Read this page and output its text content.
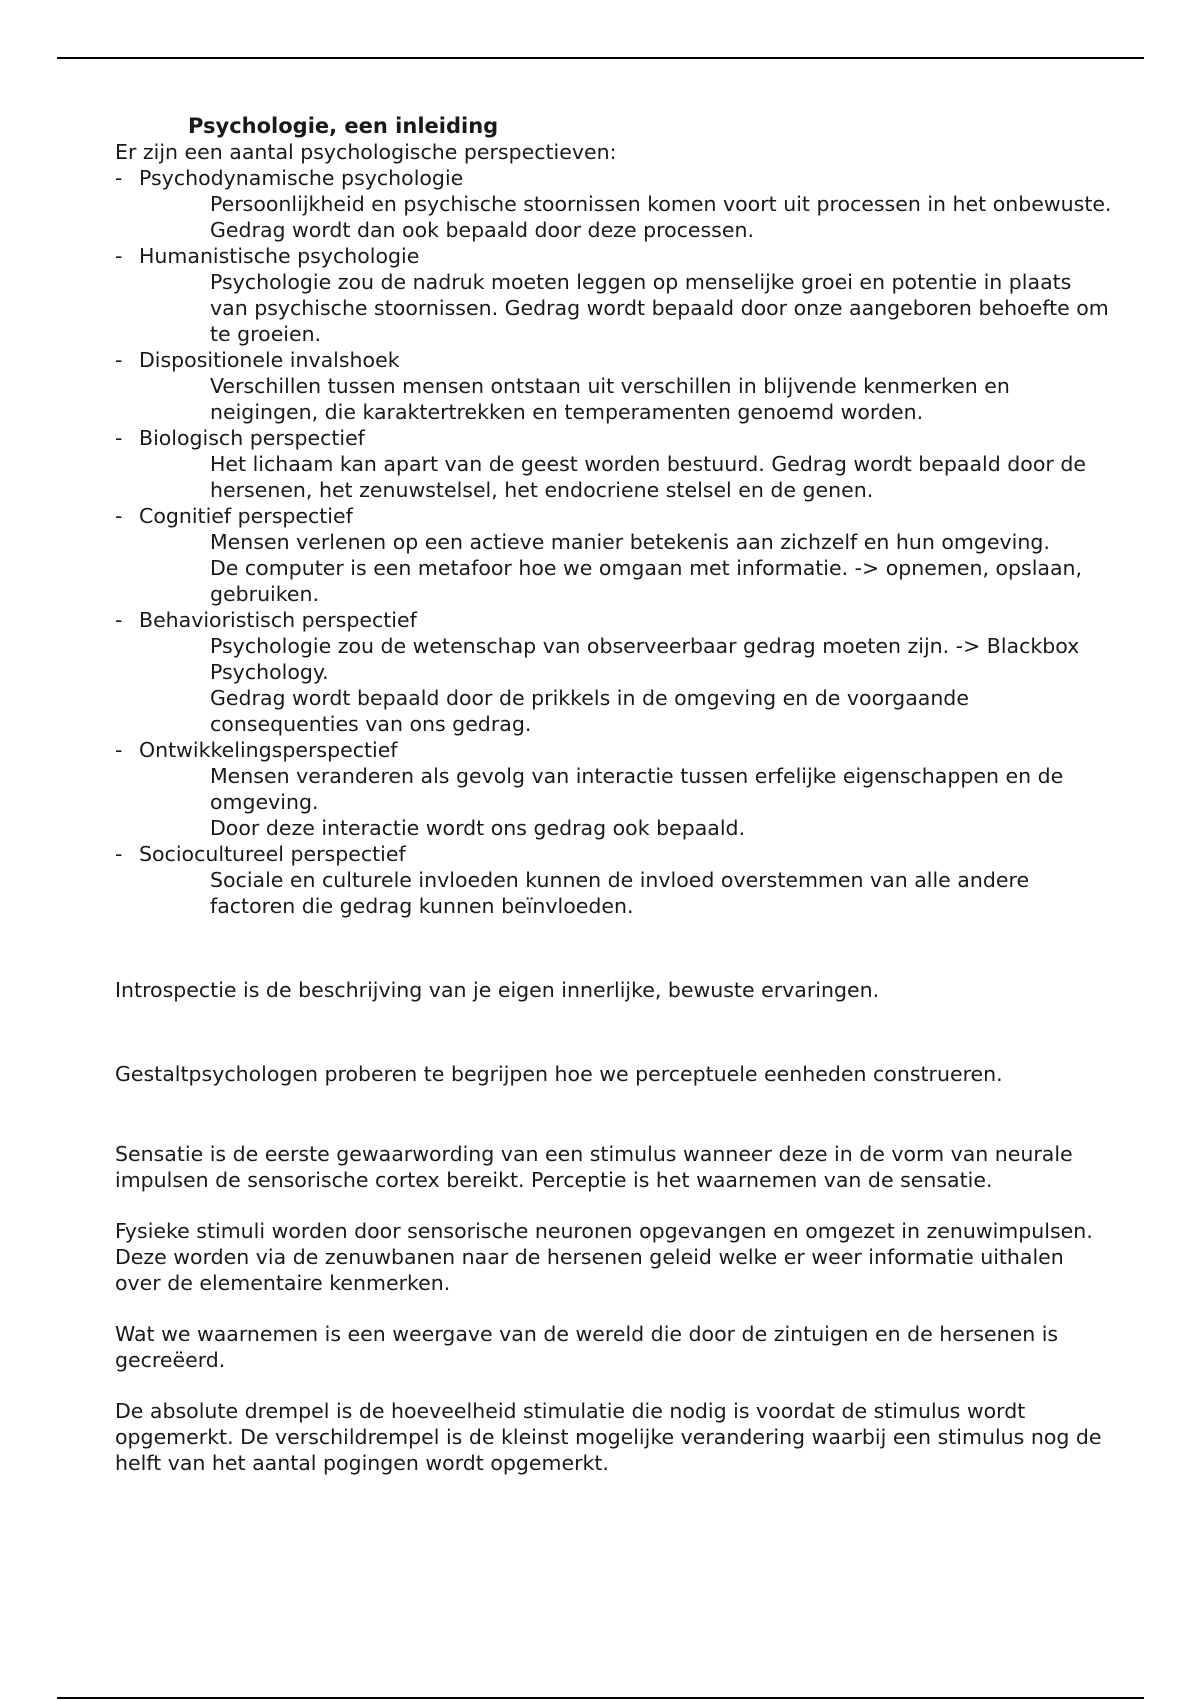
Psychologie, een inleiding

Er zijn een aantal psychologische perspectieven:

- Psychodynamische psychologie

Persoonlijkheid en psychische stoornissen komen voort uit processen in het onbewuste. Gedrag wordt dan ook bepaald door deze processen.

- Humanistische psychologie

Psychologie zou de nadruk moeten leggen op menselijke groei en potentie in plaats van psychische stoornissen. Gedrag wordt bepaald door onze aangeboren behoefte om te groeien.

- Dispositionele invalshoek

Verschillen tussen mensen ontstaan uit verschillen in blijvende kenmerken en neigingen, die karaktertrekken en temperamenten genoemd worden.

- Biologisch perspectief

Het lichaam kan apart van de geest worden bestuurd. Gedrag wordt bepaald door de hersenen, het zenuwstelsel, het endocriene stelsel en de genen.

- Cognitief perspectief

Mensen verlenen op een actieve manier betekenis aan zichzelf en hun omgeving.

De computer is een metafoor hoe we omgaan met informatie. -> opnemen, opslaan, gebruiken.

- Behavioristisch perspectief

Psychologie zou de wetenschap van observeerbaar gedrag moeten zijn. -> Blackbox Psychology.

Gedrag wordt bepaald door de prikkels in de omgeving en de voorgaande consequenties van ons gedrag.

- Ontwikkelingsperspectief

Mensen veranderen als gevolg van interactie tussen erfelijke eigenschappen en de omgeving.

Door deze interactie wordt ons gedrag ook bepaald.

- Sociocultureel perspectief

Sociale en culturele invloeden kunnen de invloed overstemmen van alle andere factoren die gedrag kunnen beïnvloeden.

Introspectie is de beschrijving van je eigen innerlijke, bewuste ervaringen.

Gestaltpsychologen proberen te begrijpen hoe we perceptuele eenheden construeren.

Sensatie is de eerste gewaarwording van een stimulus wanneer deze in de vorm van neurale impulsen de sensorische cortex bereikt. Perceptie is het waarnemen van de sensatie.

Fysieke stimuli worden door sensorische neuronen opgevangen en omgezet in zenuwimpulsen. Deze worden via de zenuwbanen naar de hersenen geleid welke er weer informatie uithalen over de elementaire kenmerken.

Wat we waarnemen is een weergave van de wereld die door de zintuigen en de hersenen is gecreëerd.

De absolute drempel is de hoeveelheid stimulatie die nodig is voordat de stimulus wordt opgemerkt. De verschildrempel is de kleinst mogelijke verandering waarbij een stimulus nog de helft van het aantal pogingen wordt opgemerkt.
